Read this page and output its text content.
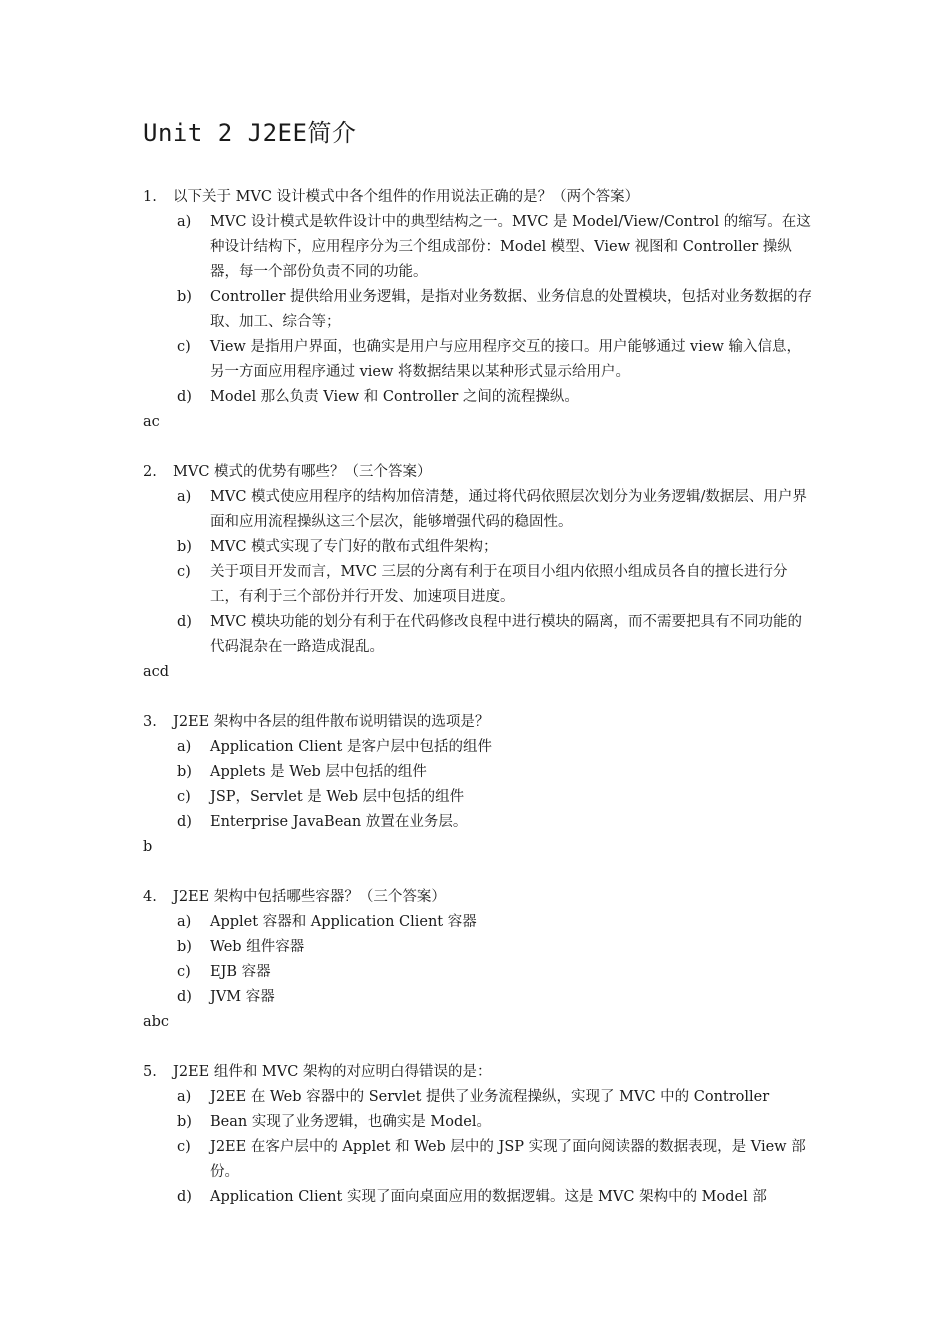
Unit 2 J2EE简介
1. 以下关于 MVC 设计模式中各个组件的作用说法正确的是？（两个答案）
a) MVC 设计模式是软件设计中的典型结构之一。MVC 是 Model/View/Control 的缩写。在这种设计结构下，应用程序分为三个组成部份：Model 模型、View 视图和 Controller 操纵器，每一个部份负责不同的功能。
b) Controller 提供给用业务逻辑，是指对业务数据、业务信息的处置模块，包括对业务数据的存取、加工、综合等；
c) View 是指用户界面，也确实是用户与应用程序交互的接口。用户能够通过 view 输入信息，另一方面应用程序通过 view 将数据结果以某种形式显示给用户。
d) Model 那么负责 View 和 Controller 之间的流程操纵。
ac
2. MVC 模式的优势有哪些？（三个答案）
a) MVC 模式使应用程序的结构加倍清楚，通过将代码依照层次划分为业务逻辑/数据层、用户界面和应用流程操纵这三个层次，能够增强代码的稳固性。
b) MVC 模式实现了专门好的散布式组件架构；
c) 关于项目开发而言，MVC 三层的分离有利于在项目小组内依照小组成员各自的擅长进行分工，有利于三个部份并行开发、加速项目进度。
d) MVC 模块功能的划分有利于在代码修改良程中进行模块的隔离，而不需要把具有不同功能的代码混杂在一路造成混乱。
acd
3. J2EE 架构中各层的组件散布说明错误的选项是？
a) Application Client 是客户层中包括的组件
b) Applets 是 Web 层中包括的组件
c) JSP，Servlet 是 Web 层中包括的组件
d) Enterprise JavaBean 放置在业务层。
b
4. J2EE 架构中包括哪些容器？（三个答案）
a) Applet 容器和 Application Client 容器
b) Web 组件容器
c) EJB 容器
d) JVM 容器
abc
5. J2EE 组件和 MVC 架构的对应明白得错误的是：
a) J2EE 在 Web 容器中的 Servlet 提供了业务流程操纵，实现了 MVC 中的 Controller
b) Bean 实现了业务逻辑，也确实是 Model。
c) J2EE 在客户层中的 Applet 和 Web 层中的 JSP 实现了面向阅读器的数据表现，是 View 部份。
d) Application Client 实现了面向桌面应用的数据逻辑。这是 MVC 架构中的 Model 部
